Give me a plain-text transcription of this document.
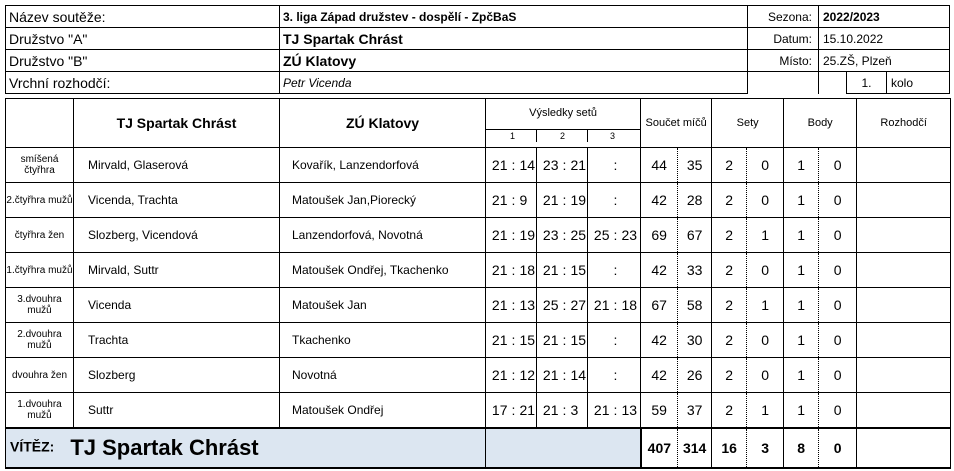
Název soutěže:	3. liga Západ družstev - dospělí - ZpčBaS	Sezona:	2022/2023		
Družstvo "A"	TJ Spartak Chrást	Datum:	15.10.2022		
Družstvo "B"	ZÚ Klatovy	Místo:	25.ZŠ, Plzeň		
Vrchní rozhodčí:	Petr Vicenda			1.	kolo
	TJ Spartak Chrást	ZÚ Klatovy	Výsledky setů
1 2 3									Součet míčů		Sety		Body		Rozhodčí
smíšená čtyřhra	Mirvald, Glaserová	Kovařík, Lanzendorfová	21	:	14	23	:	21		:		44	35	2	0	1	0	
2.čtyřhra mužů	Vicenda, Trachta	Matoušek Jan,Piorecký	21	:	9	21	:	19		:		42	28	2	0	1	0	
čtyřhra žen	Slozberg, Vicendová	Lanzendorfová, Novotná	21	:	19	23	:	25	25	:	23	69	67	2	1	1	0	
1.čtyřhra mužů	Mirvald, Suttr	Matoušek Ondřej, Tkachenko	21	:	18	21	:	15		:		42	33	2	0	1	0	
3.dvouhra mužů	Vicenda	Matoušek Jan	21	:	13	25	:	27	21	:	18	67	58	2	1	1	0	
2.dvouhra mužů	Trachta	Tkachenko	21	:	15	21	:	15		:		42	30	2	0	1	0	
dvouhra žen	Slozberg	Novotná	21	:	12	21	:	14		:		42	26	2	0	1	0	
1.dvouhra mužů	Suttr	Matoušek Ondřej	17	:	21	21	:	3	21	:	13	59	37	2	1	1	0	
VÍTĚZ: TJ Spartak Chrást												407	314	16	3	8	0	
